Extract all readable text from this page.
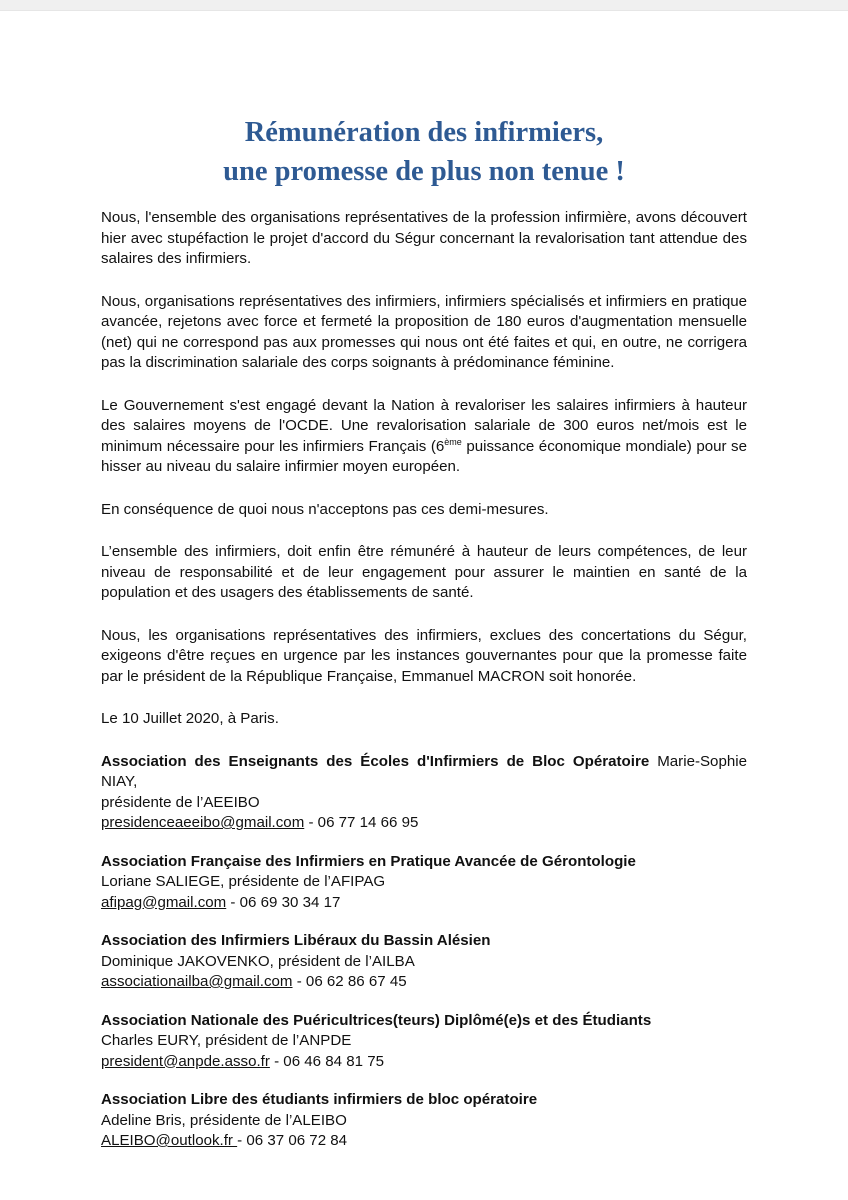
Rémunération des infirmiers,
une promesse de plus non tenue !

Nous, l'ensemble des organisations représentatives de la profession infirmière, avons découvert hier avec stupéfaction le projet d'accord du Ségur concernant la revalorisation tant attendue des salaires des infirmiers.

Nous, organisations représentatives des infirmiers, infirmiers spécialisés et infirmiers en pratique avancée, rejetons avec force et fermeté la proposition de 180 euros d'augmentation mensuelle (net) qui ne correspond pas aux promesses qui nous ont été faites et qui, en outre, ne corrigera pas la discrimination salariale des corps soignants à prédominance féminine.

Le Gouvernement s'est engagé devant la Nation à revaloriser les salaires infirmiers à hauteur des salaires moyens de l'OCDE. Une revalorisation salariale de 300 euros net/mois est le minimum nécessaire pour les infirmiers Français (6ème puissance économique mondiale) pour se hisser au niveau du salaire infirmier moyen européen.

En conséquence de quoi nous n'acceptons pas ces demi-mesures.

L’ensemble des infirmiers, doit enfin être rémunéré à hauteur de leurs compétences, de leur niveau de responsabilité et de leur engagement pour assurer le maintien en santé de la population et des usagers des établissements de santé.

Nous, les organisations représentatives des infirmiers, exclues des concertations du Ségur, exigeons d'être reçues en urgence par les instances gouvernantes pour que la promesse faite par le président de la République Française, Emmanuel MACRON soit honorée.

Le 10 Juillet 2020, à Paris.

Association des Enseignants des Écoles d'Infirmiers de Bloc Opératoire Marie-Sophie NIAY,
présidente de l’AEEIBO
presidenceaeeibo@gmail.com - 06 77 14 66 95
Association Française des Infirmiers en Pratique Avancée de Gérontologie
Loriane SALIEGE, présidente de l’AFIPAG
afipag@gmail.com - 06 69 30 34 17
Association des Infirmiers Libéraux du Bassin Alésien
Dominique JAKOVENKO, président de l’AILBA
associationailba@gmail.com - 06 62 86 67 45
Association Nationale des Puéricultrices(teurs) Diplômé(e)s et des Étudiants
Charles EURY, président de l’ANPDE
president@anpde.asso.fr - 06 46 84 81 75
Association Libre des étudiants infirmiers de bloc opératoire
Adeline Bris, présidente de l’ALEIBO
ALEIBO@outlook.fr - 06 37 06 72 84
